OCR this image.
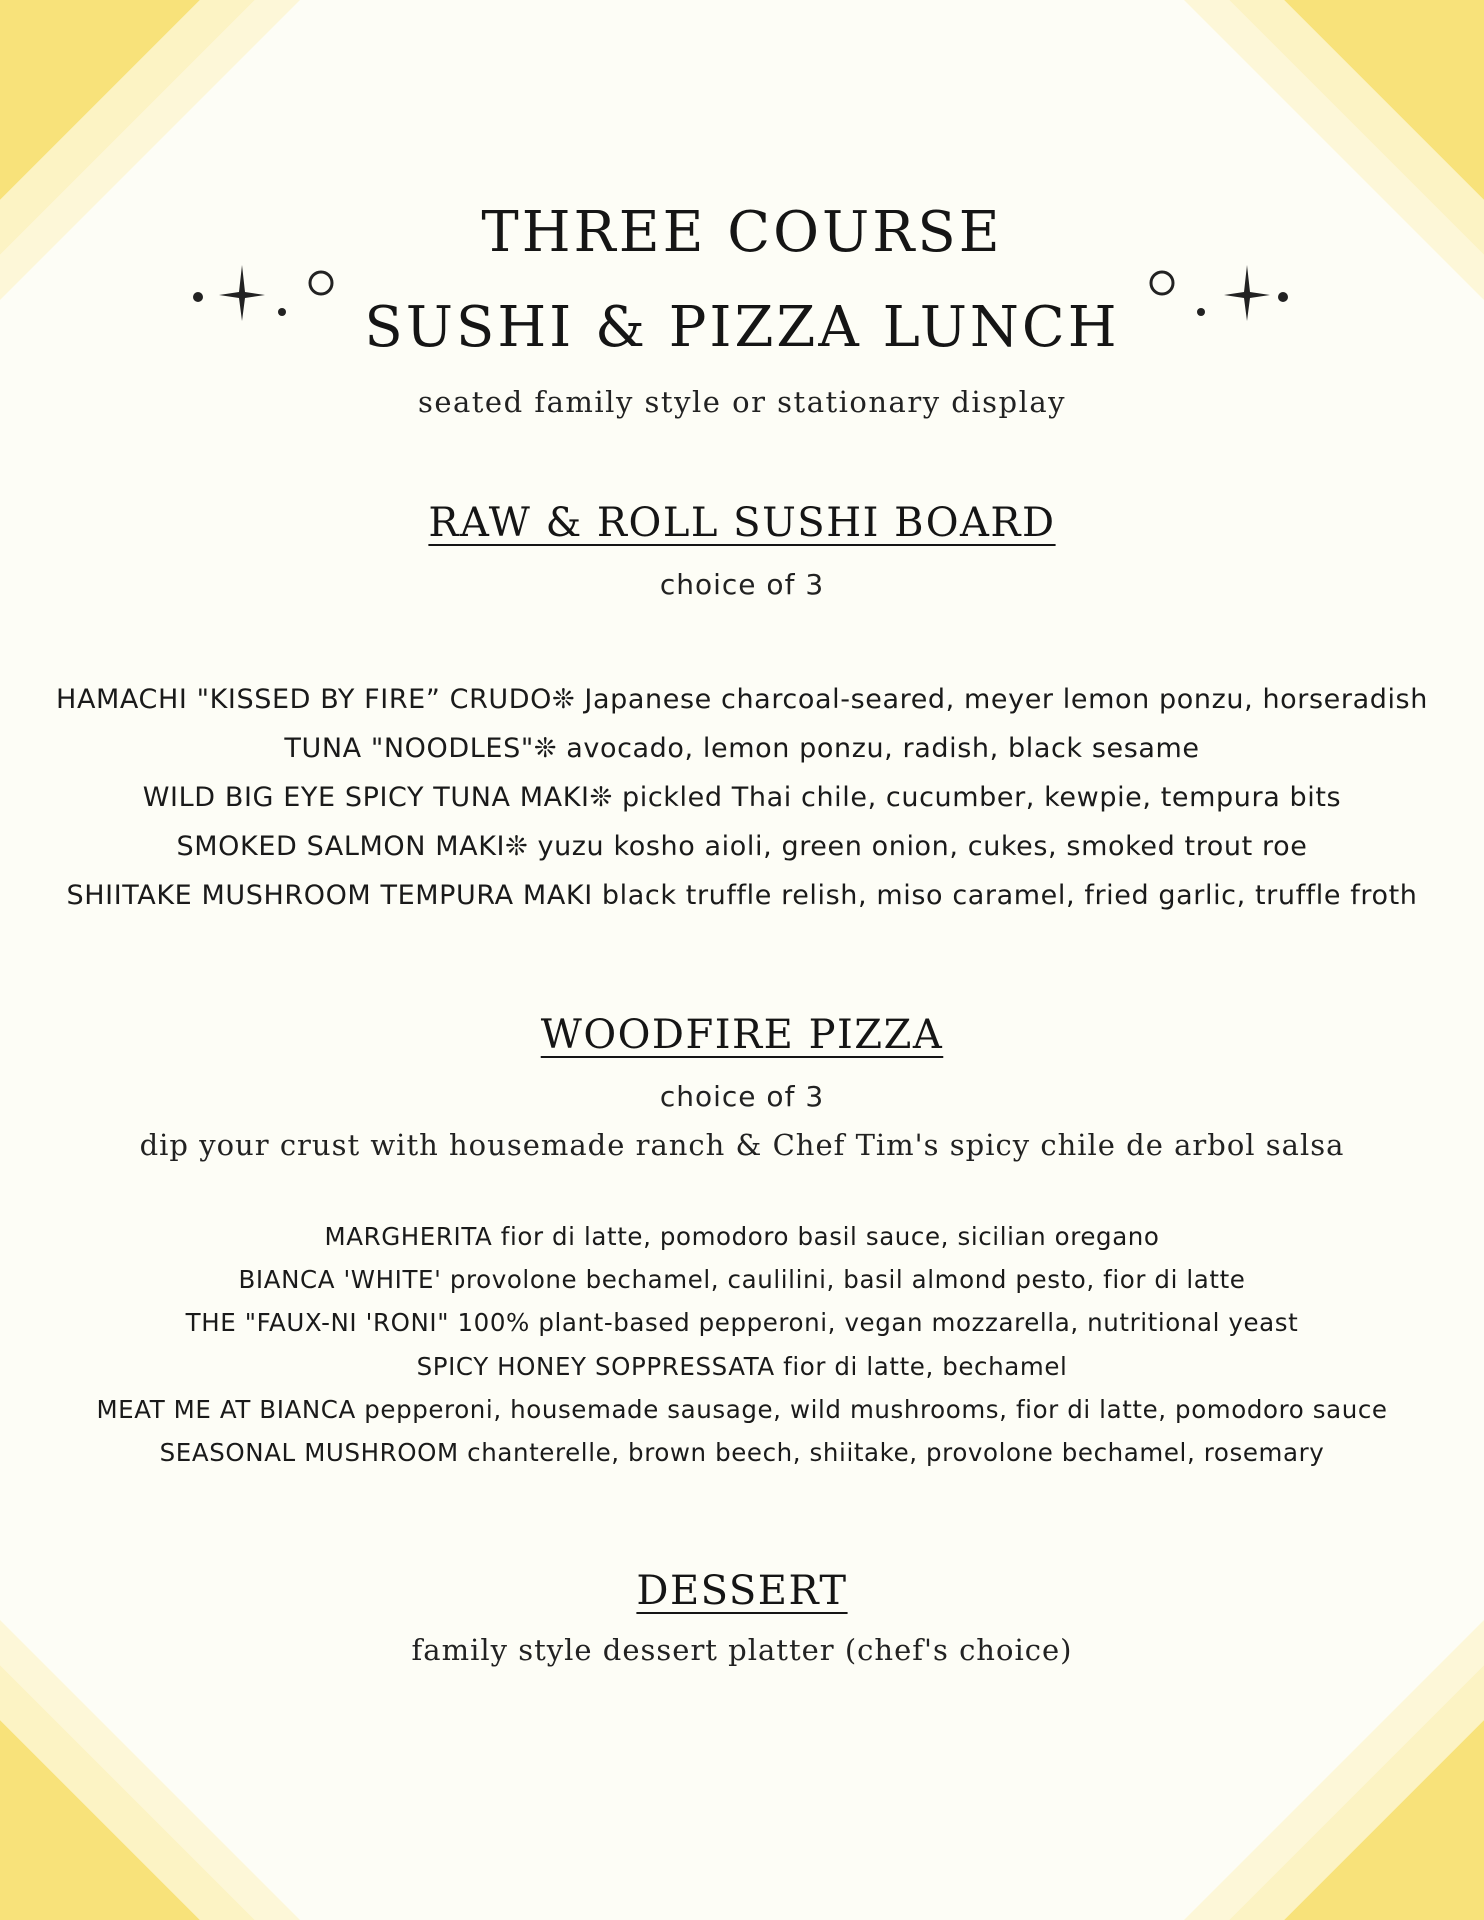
THREE COURSE
SUSHI & PIZZA LUNCH
seated family style or stationary display
RAW & ROLL SUSHI BOARD
choice of 3
HAMACHI "KISSED BY FIRE” CRUDO❊ Japanese charcoal-seared, meyer lemon ponzu, horseradish
TUNA "NOODLES"❊ avocado, lemon ponzu, radish, black sesame
WILD BIG EYE SPICY TUNA MAKI❊ pickled Thai chile, cucumber, kewpie, tempura bits
SMOKED SALMON MAKI❊ yuzu kosho aioli, green onion, cukes, smoked trout roe
SHIITAKE MUSHROOM TEMPURA MAKI black truffle relish, miso caramel, fried garlic, truffle froth
WOODFIRE PIZZA
choice of 3
dip your crust with housemade ranch & Chef Tim's spicy chile de arbol salsa
MARGHERITA fior di latte, pomodoro basil sauce, sicilian oregano
BIANCA 'WHITE' provolone bechamel, caulilini, basil almond pesto, fior di latte
THE "FAUX-NI 'RONI" 100% plant-based pepperoni, vegan mozzarella, nutritional yeast
SPICY HONEY SOPPRESSATA fior di latte, bechamel
MEAT ME AT BIANCA pepperoni, housemade sausage, wild mushrooms, fior di latte, pomodoro sauce
SEASONAL MUSHROOM chanterelle, brown beech, shiitake, provolone bechamel, rosemary
DESSERT
family style dessert platter (chef's choice)
